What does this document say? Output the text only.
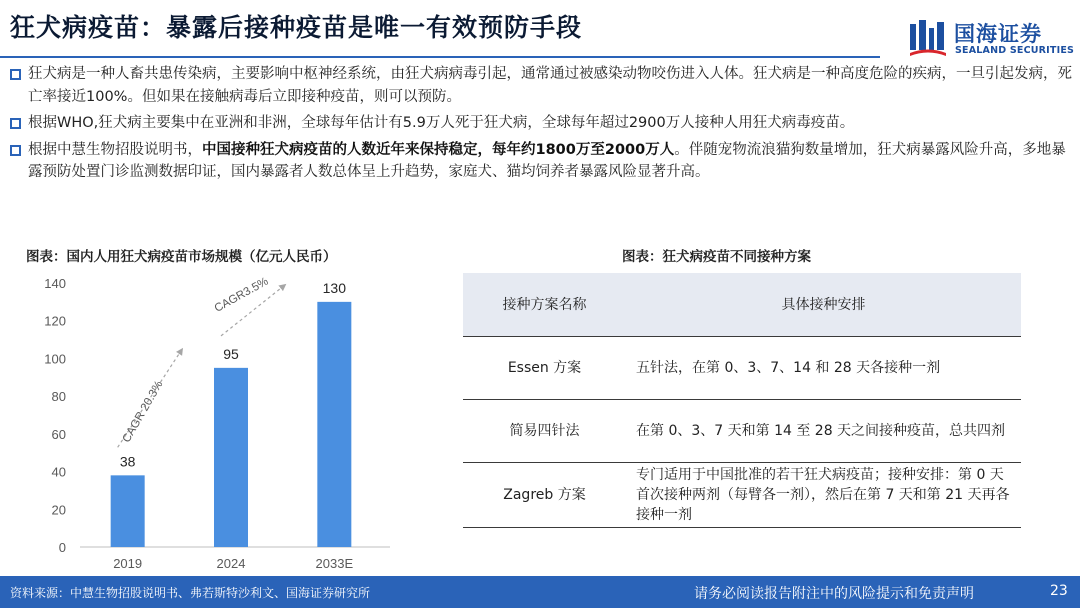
狂犬病疫苗：暴露后接种疫苗是唯一有效预防手段	国海证券
SEALAND SECURITIES
狂犬病是一种人畜共患传染病，主要影响中枢神经系统，由狂犬病病毒引起，通常通过被感染动物咬伤进入人体。狂犬病是一种高度危险的疾病，一旦引起发病，死亡率接近100%。但如果在接触病毒后立即接种疫苗，则可以预防。
根据WHO,狂犬病主要集中在亚洲和非洲，全球每年估计有5.9万人死于狂犬病，全球每年超过2900万人接种人用狂犬病毒疫苗。
根据中慧生物招股说明书，中国接种狂犬病疫苗的人数近年来保持稳定，每年约1800万至2000万人。伴随宠物流浪猫狗数量增加，狂犬病暴露风险升高，多地暴露预防处置门诊监测数据印证，国内暴露者人数总体呈上升趋势，家庭犬、猫均饲养者暴露风险显著升高。
图表：国内人用狂犬病疫苗市场规模（亿元人民币）
0
20
40
60
80
100
120
140
38
2019
95
2024
130
2033E
CAGR 20.3%
CAGR3.5%
图表：狂犬病疫苗不同接种方案
接种方案名称	具体接种安排
Essen 方案	五针法，在第 0、3、7、14 和 28 天各接种一剂
简易四针法	在第 0、3、7 天和第 14 至 28 天之间接种疫苗，总共四剂
Zagreb 方案	专门适用于中国批准的若干狂犬病疫苗；接种安排：第 0 天首次接种两剂（每臂各一剂），然后在第 7 天和第 21 天再各接种一剂
资料来源：中慧生物招股说明书、弗若斯特沙利文、国海证券研究所	请务必阅读报告附注中的风险提示和免责声明	23
